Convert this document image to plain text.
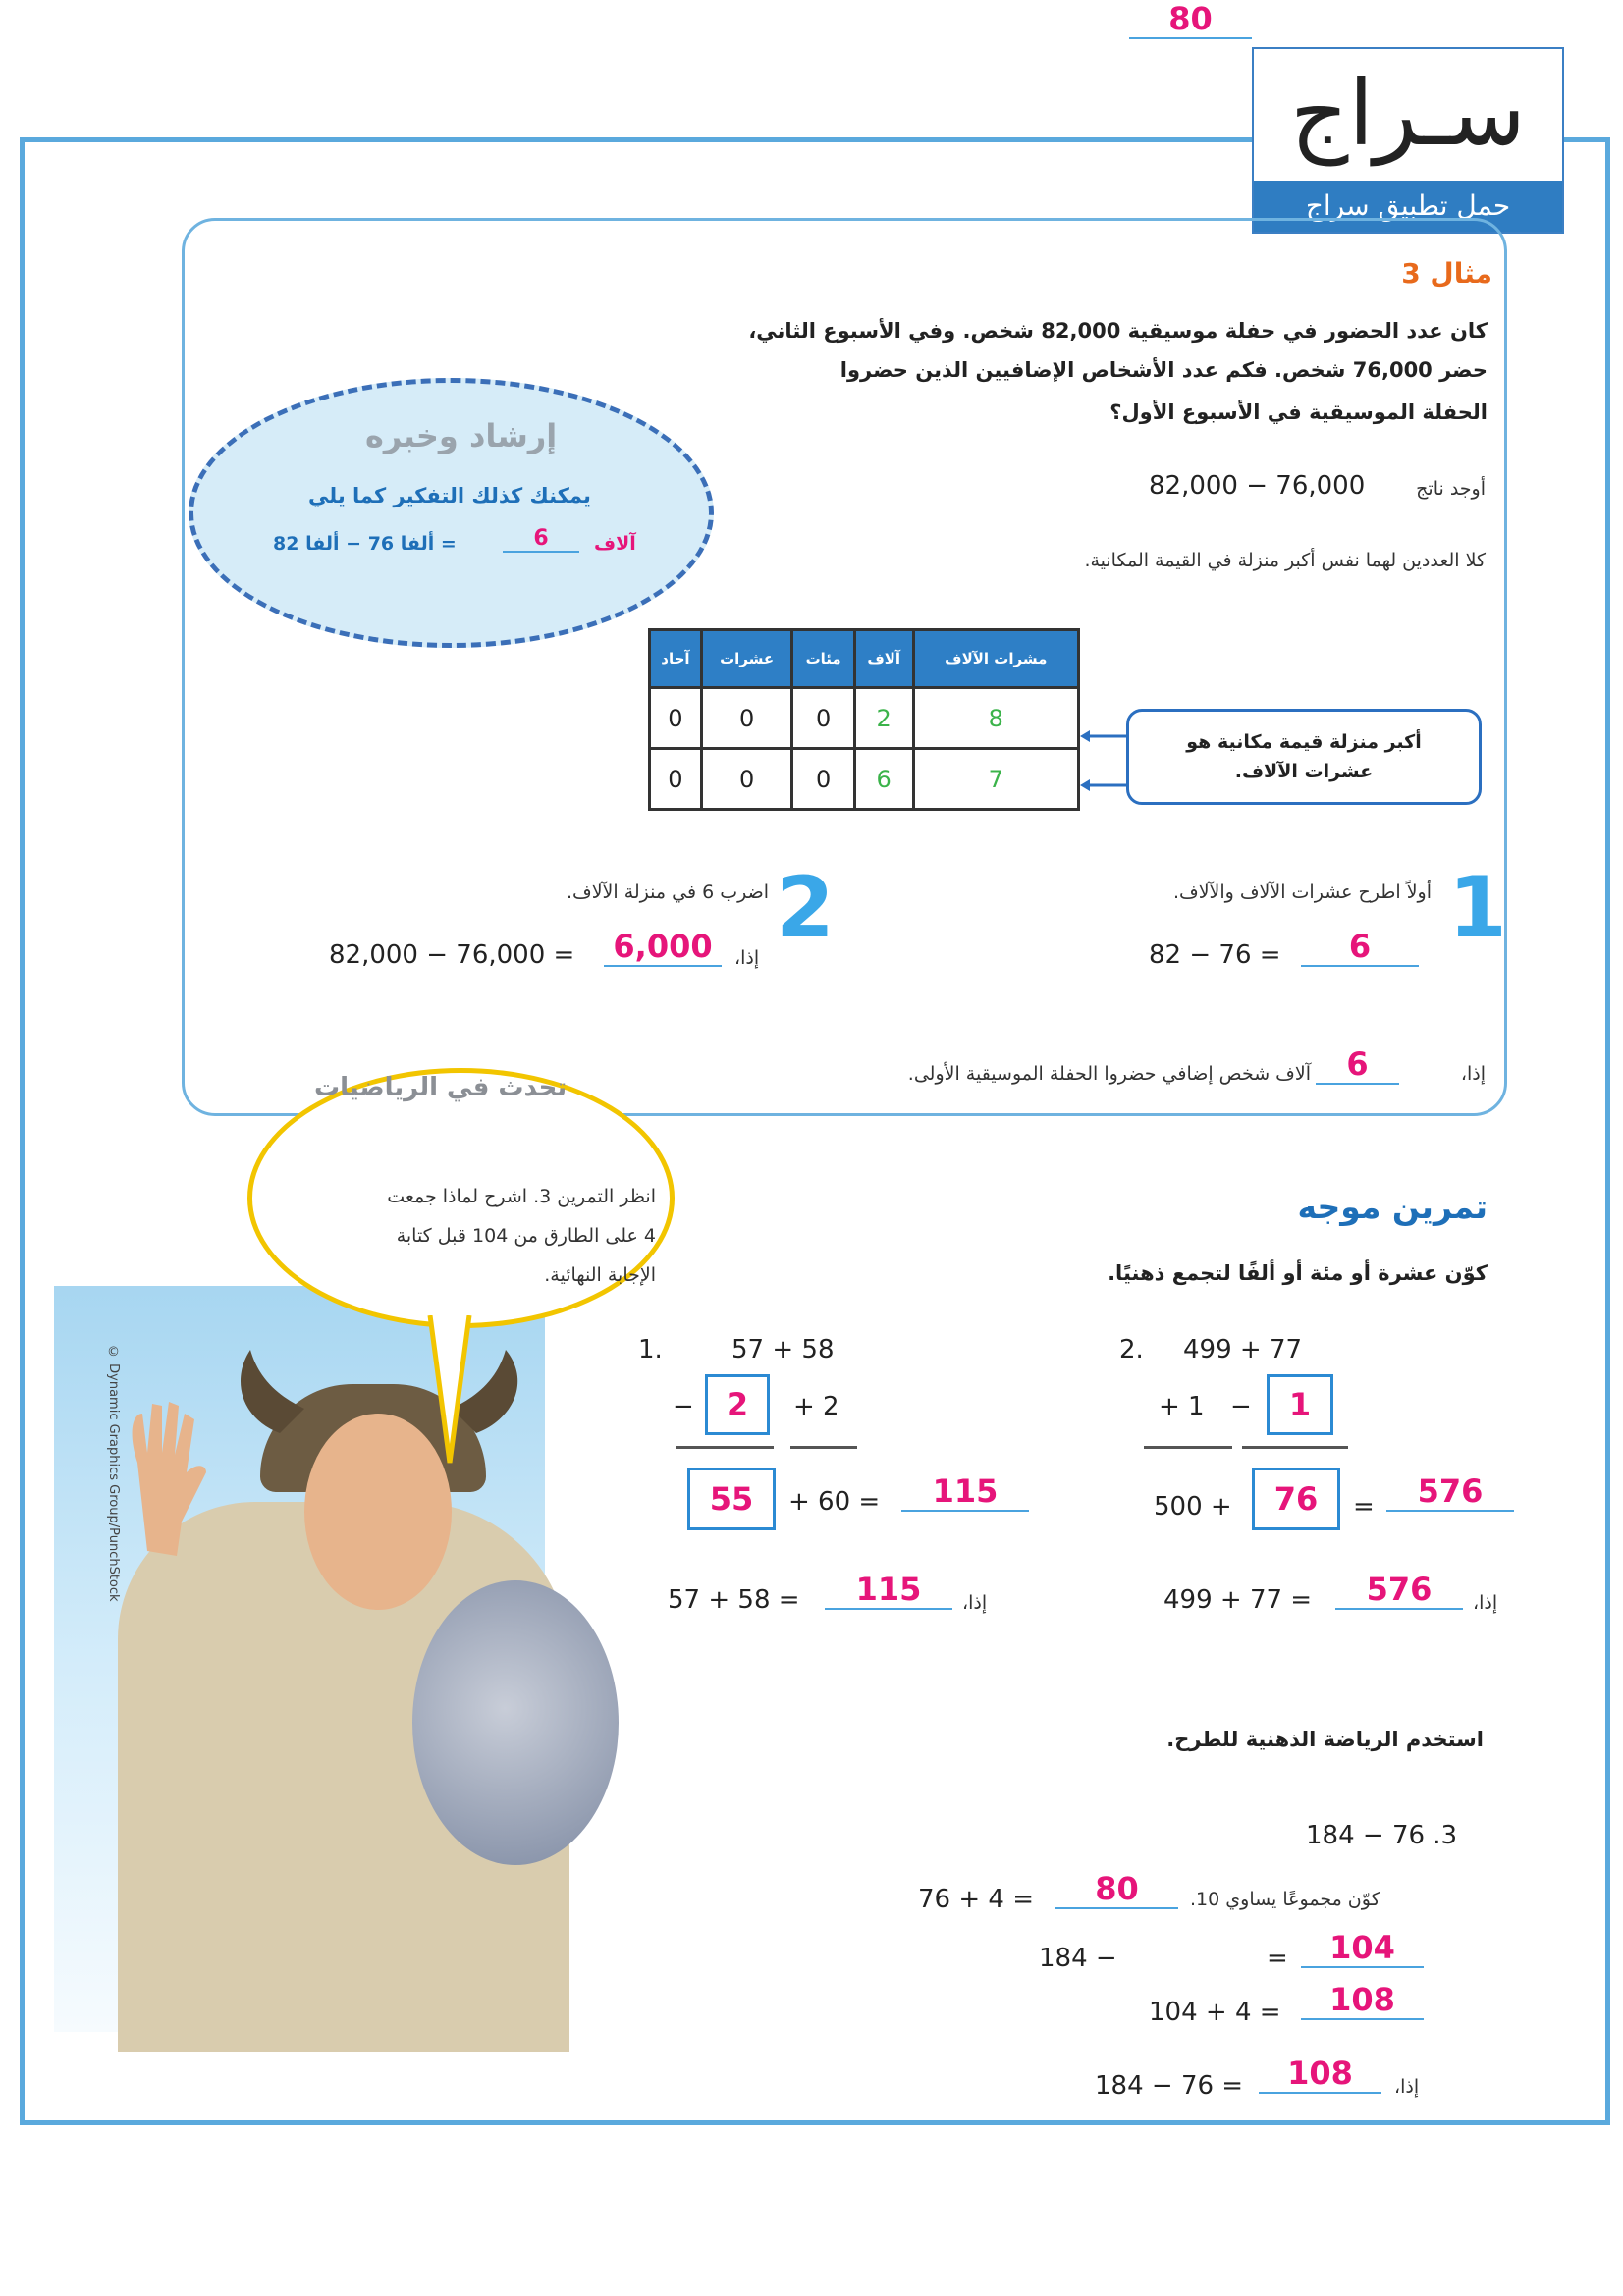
سـراج
حمل تطبيق سراج
مثال 3
كان عدد الحضور في حفلة موسيقية 82,000 شخص. وفي الأسبوع الثاني،
حضر 76,000 شخص. فكم عدد الأشخاص الإضافيين الذين حضروا
الحفلة الموسيقية في الأسبوع الأول؟
أوجد ناتج
82,000 − 76,000
كلا العددين لهما نفس أكبر منزلة في القيمة المكانية.
آحاد	عشرات	مئات	آلاف	مشرات الآلاف
0	0	0	2	8
0	0	0	6	7
أكبر منزلة قيمة مكانية هو
عشرات الآلاف.
1
أولاً اطرح عشرات الآلاف والآلاف.
82 − 76 =	6
2
اضرب 6 في منزلة الآلاف.
82,000 − 76,000 = 6,000	إذا،
إذا،
6
آلاف شخص إضافي حضروا الحفلة الموسيقية الأولى.
إرشاد وخبره
يمكنك كذلك التفكير كما يلي
آلاف
6
= ألفا 76 − ألفا 82
© Dynamic Graphics Group/PunchStock
تحدث في الرياضيات
انظر التمرين 3. اشرح لماذا جمعت
4 على الطارق من 104 قبل كتابة
الإجابة النهائية.
تمرين موجه
كوّن عشرة أو مئة أو ألفًا لتجمع ذهنيًا.
1.	57 + 58
−	2	+ 2
55	+ 60 =	115
57 + 58 =	115	إذا،
2. 499 + 77
+ 1 −	1
500 +	76	=	576
499 + 77 =	576	إذا،
استخدم الرياضة الذهنية للطرح.
184 − 76 .3
76 + 4 =	80	كوّن مجموعًا يساوي 10.
184 −
80
=	104
104 + 4 =	108
184 − 76 =	108	إذا،
